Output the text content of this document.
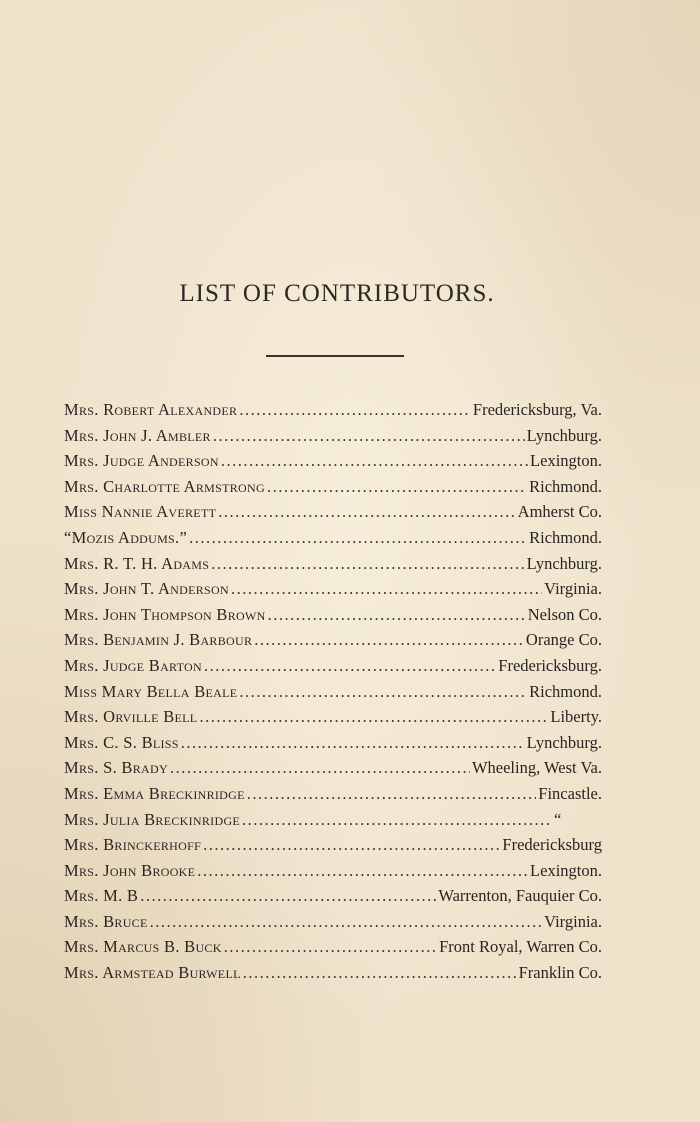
LIST OF CONTRIBUTORS.
Mrs. Robert Alexander .....	Fredericksburg, Va.
Mrs. John J. Ambler .....	Lynchburg.
Mrs. Judge Anderson .....	Lexington.
Mrs. Charlotte Armstrong .....	Richmond.
Miss Nannie Averett .....	Amherst Co.
“Mozis Addums.” .....	Richmond.
Mrs. R. T. H. Adams .....	Lynchburg.
Mrs. John T. Anderson .....	Virginia.
Mrs. John Thompson Brown .....	Nelson Co.
Mrs. Benjamin J. Barbour .....	Orange Co.
Mrs. Judge Barton .....	Fredericksburg.
Miss Mary Bella Beale .....	Richmond.
Mrs. Orville Bell .....	Liberty.
Mrs. C. S. Bliss .....	Lynchburg.
Mrs. S. Brady .....	Wheeling, West Va.
Mrs. Emma Breckinridge .....	Fincastle.
Mrs. Julia Breckinridge .....	“
Mrs. Brinckerhoff .....	Fredericksburg
Mrs. John Brooke .....	Lexington.
Mrs. M. B .....	Warrenton, Fauquier Co.
Mrs. Bruce .....	Virginia.
Mrs. Marcus B. Buck .....	Front Royal, Warren Co.
Mrs. Armstead Burwell .....	Franklin Co.
